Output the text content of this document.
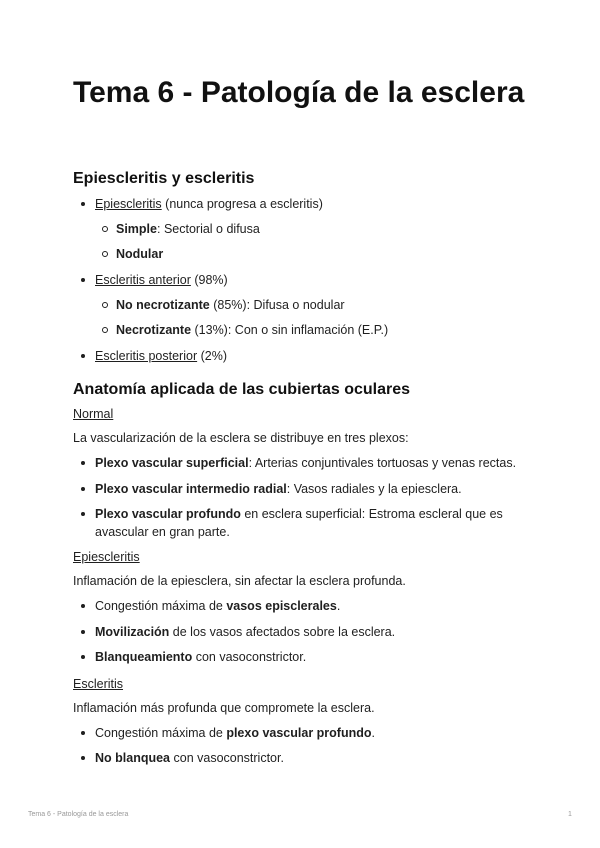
Tema 6 - Patología de la esclera
Epiescleritis y escleritis
Epiescleritis (nunca progresa a escleritis)
Simple: Sectorial o difusa
Nodular
Escleritis anterior (98%)
No necrotizante (85%): Difusa o nodular
Necrotizante (13%): Con o sin inflamación (E.P.)
Escleritis posterior (2%)
Anatomía aplicada de las cubiertas oculares
Normal
La vascularización de la esclera se distribuye en tres plexos:
Plexo vascular superficial: Arterias conjuntivales tortuosas y venas rectas.
Plexo vascular intermedio radial: Vasos radiales y la epiesclera.
Plexo vascular profundo en esclera superficial: Estroma escleral que es
avascular en gran parte.
Epiescleritis
Inflamación de la epiesclera, sin afectar la esclera profunda.
Congestión máxima de vasos episclerales.
Movilización de los vasos afectados sobre la esclera.
Blanqueamiento con vasoconstrictor.
Escleritis
Inflamación más profunda que compromete la esclera.
Congestión máxima de plexo vascular profundo.
No blanquea con vasoconstrictor.
Tema 6 - Patología de la esclera	1
